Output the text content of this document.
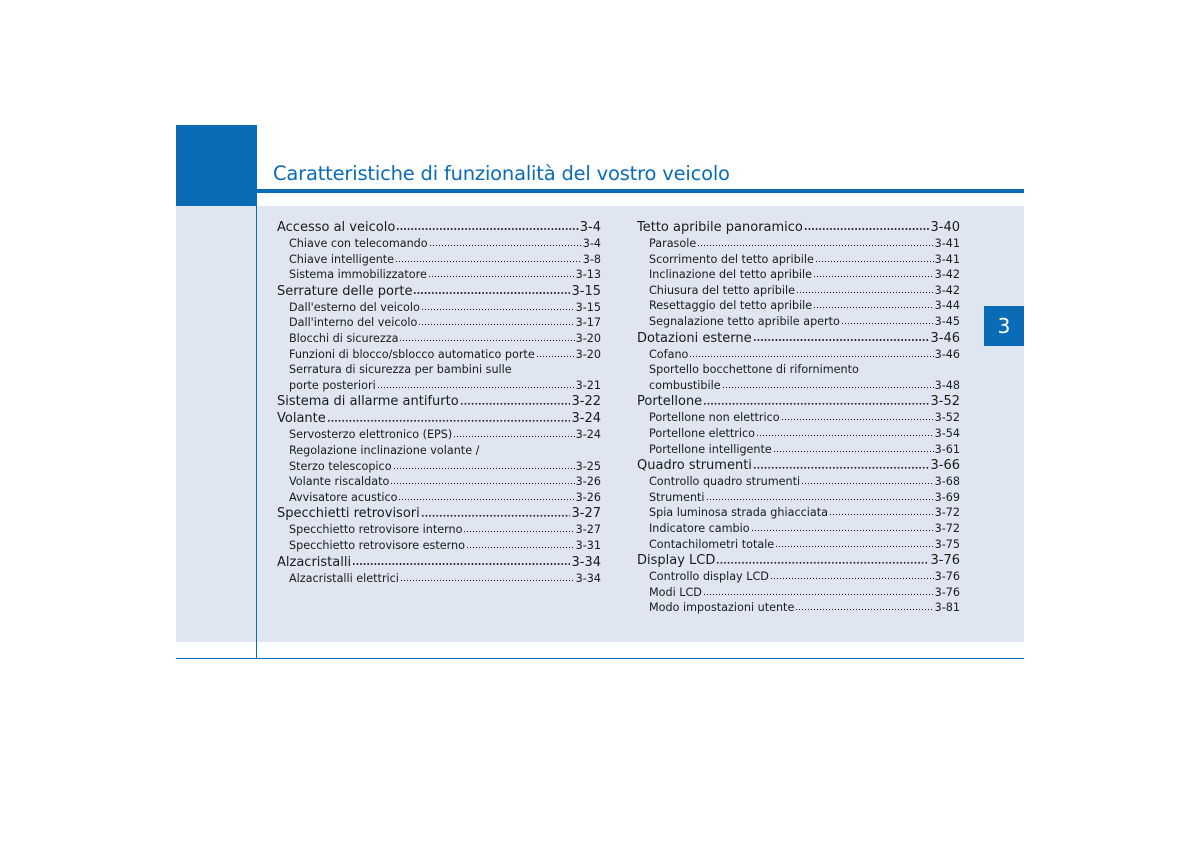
Caratteristiche di funzionalità del vostro veicolo
3
Accesso al veicolo	3-4
Chiave con telecomando	3-4
Chiave intelligente	3-8
Sistema immobilizzatore	3-13
Serrature delle porte	3-15
Dall'esterno del veicolo	3-15
Dall'interno del veicolo	3-17
Blocchi di sicurezza	3-20
Funzioni di blocco/sblocco automatico porte	3-20
Serratura di sicurezza per bambini sulle
porte posteriori	3-21
Sistema di allarme antifurto	3-22
Volante	3-24
Servosterzo elettronico (EPS)	3-24
Regolazione inclinazione volante /
Sterzo telescopico	3-25
Volante riscaldato	3-26
Avvisatore acustico	3-26
Specchietti retrovisori	3-27
Specchietto retrovisore interno	3-27
Specchietto retrovisore esterno	3-31
Alzacristalli	3-34
Alzacristalli elettrici	3-34
Tetto apribile panoramico	3-40
Parasole	3-41
Scorrimento del tetto apribile	3-41
Inclinazione del tetto apribile	3-42
Chiusura del tetto apribile	3-42
Resettaggio del tetto apribile	3-44
Segnalazione tetto apribile aperto	3-45
Dotazioni esterne	3-46
Cofano	3-46
Sportello bocchettone di rifornimento
combustibile	3-48
Portellone	3-52
Portellone non elettrico	3-52
Portellone elettrico	3-54
Portellone intelligente	3-61
Quadro strumenti	3-66
Controllo quadro strumenti	3-68
Strumenti	3-69
Spia luminosa strada ghiacciata	3-72
Indicatore cambio	3-72
Contachilometri totale	3-75
Display LCD	3-76
Controllo display LCD	3-76
Modi LCD	3-76
Modo impostazioni utente	3-81
